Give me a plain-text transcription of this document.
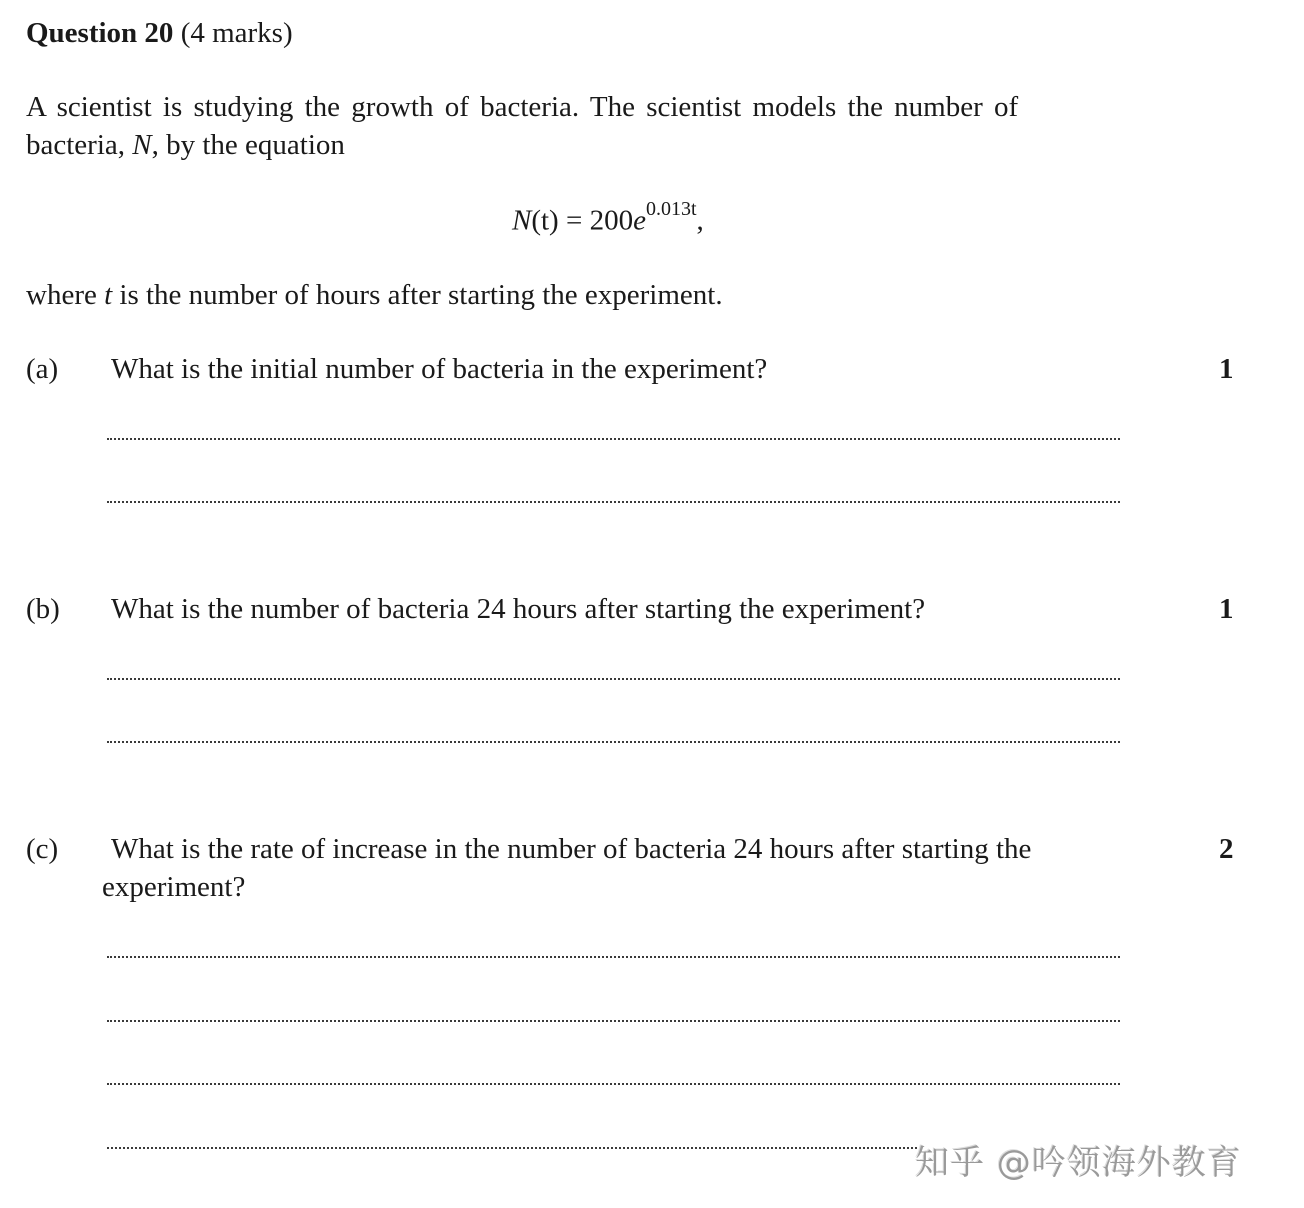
Question 20 (4 marks)
A scientist is studying the growth of bacteria. The scientist models the number of
bacteria, N, by the equation
$N(t) = 200e^{0.013t}$,
where t is the number of hours after starting the experiment.
(a) What is the initial number of bacteria in the experiment?	1
(b) What is the number of bacteria 24 hours after starting the experiment?	1
(c) What is the rate of increase in the number of bacteria 24 hours after starting the
experiment?
2
知乎 @吟领海外教育
